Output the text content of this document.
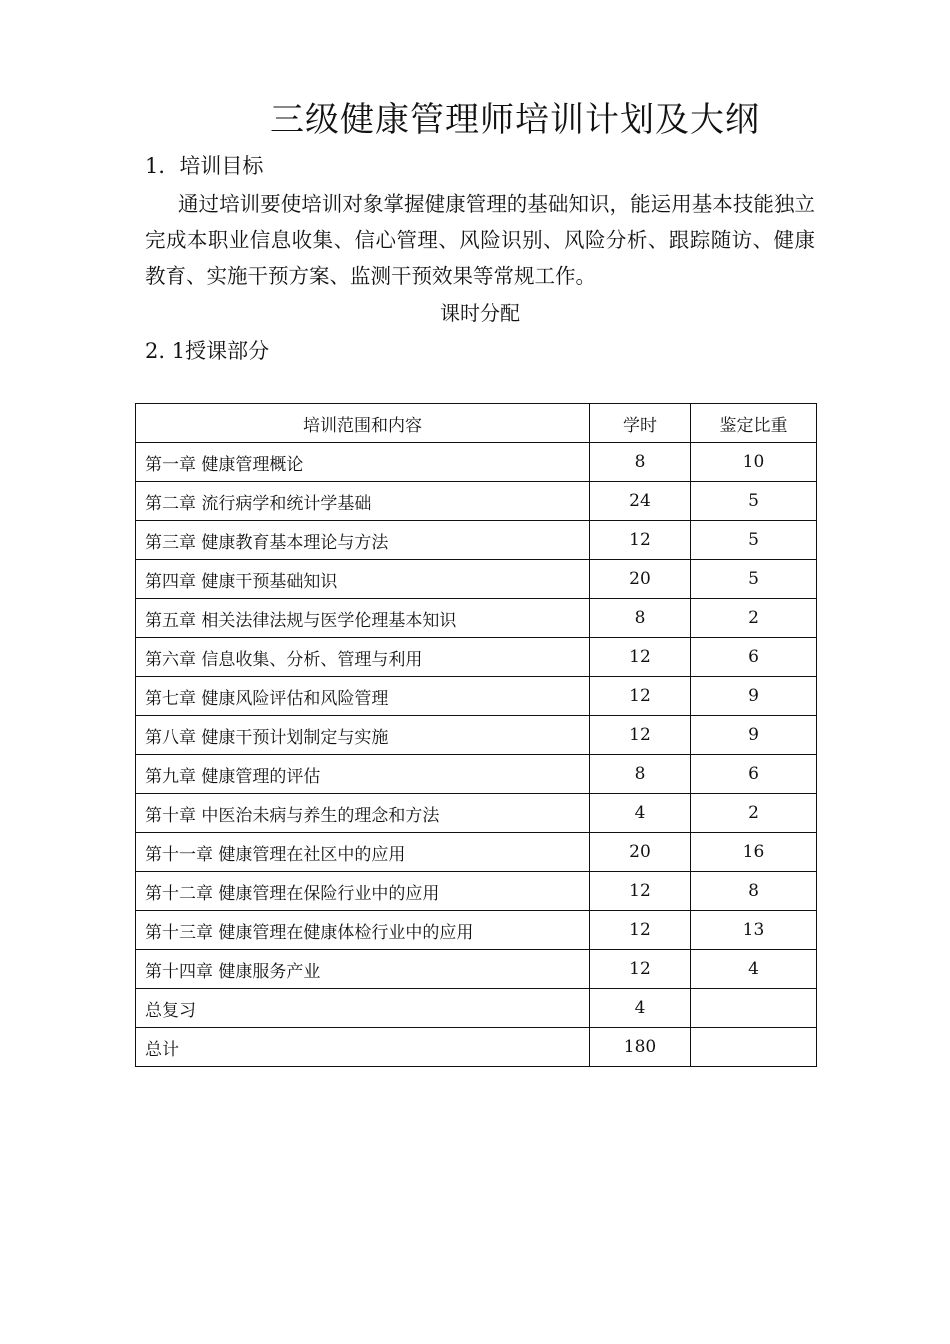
三级健康管理师培训计划及大纲
1．培训目标
通过培训要使培训对象掌握健康管理的基础知识，能运用基本技能独立完成本职业信息收集、信心管理、风险识别、风险分析、跟踪随访、健康教育、实施干预方案、监测干预效果等常规工作。
课时分配
2. 1授课部分
培训范围和内容	学时	鉴定比重
第一章 健康管理概论	8	10
第二章 流行病学和统计学基础	24	5
第三章 健康教育基本理论与方法	12	5
第四章 健康干预基础知识	20	5
第五章 相关法律法规与医学伦理基本知识	8	2
第六章 信息收集、分析、管理与利用	12	6
第七章 健康风险评估和风险管理	12	9
第八章 健康干预计划制定与实施	12	9
第九章 健康管理的评估	8	6
第十章 中医治未病与养生的理念和方法	4	2
第十一章 健康管理在社区中的应用	20	16
第十二章 健康管理在保险行业中的应用	12	8
第十三章 健康管理在健康体检行业中的应用	12	13
第十四章 健康服务产业	12	4
总复习	4	
总计	180	
